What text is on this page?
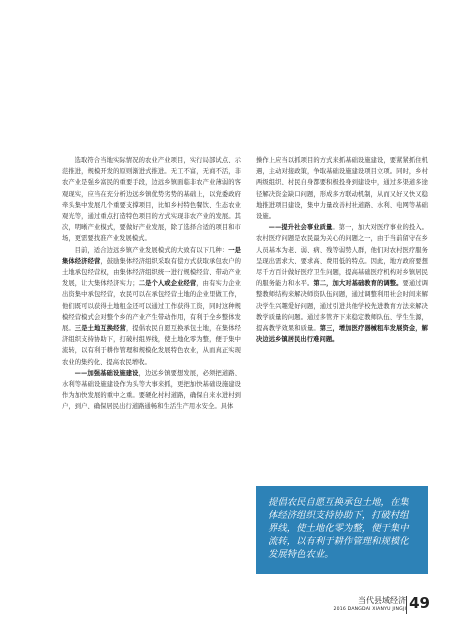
选取符合当地实际情况的农业产业项目，实行局部试点、示范推进，规模开发的原则渐进式推进。无工不富，无商不活，非农产业是强乡富民的重要手段，边远乡镇面临非农产业薄弱的客观现实，应当在充分析边远乡镇优势劣势的基础上，以党委政府牵头集中发展几个重要支撑项目，比如乡村特色餐饮、生态农业观光等，通过重点打造特色项目的方式实现非农产业的发展。其次，明晰产业模式，要做好产业发展，除了选择合适的项目和市场，更需要找准产业发展模式。

目前，适合边远乡镇产业发展模式的大致有以下几种：一是集体经济经营，鼓励集体经济组织采取有偿方式获取承包农户的土地承包经营权，由集体经济组织统一进行规模经营、带动产业发展，让大集体经济实力；二是个人或企业经营，由有实力企业出资集中承包经营，农民可以在承包经营土地的企业里做工作，他们既可以获得土地租金还可以通过工作获得工资，同时这种规模经营模式会对整个乡的产业产生带动作用，有利于全乡整体发展。三是土地互换经营，提倡农民自愿互换承包土地，在集体经济组织支持协助下，打破村组界线，使土地化零为整，便于集中流转，以有利于耕作管理和规模化发展特色农业，从而真正实现农业的集约化、提高农民增收。

——加强基础设施建设，边远乡镇要想发展，必须把道路、水利等基础设施建设作为头等大事来抓，更把加快基础设施建设作为加快发展的重中之重。要硬化村村道路，确保自来水进村到户，到户、确保居民出行道路通畅和生活生产用水安全。具体

操作上应当以抓项目的方式来抓基础设施建设，要紧紧抓住机遇，主动对接政策，争取基础设施建设项目立项。同时，乡村两级组织、村民自身都要积极投身到建设中，通过多渠道多途径解决资金缺口问题，形成多方联动机制，从而又好又快又稳地推进项目建设，集中力量改善村社道路、水利、电网等基础设施。

——提升社会事业质量。第一，加大对医疗事业的投入。农村医疗问题是农民最为关心的问题之一，由于当前留守在乡人员基本为老、弱、病、残等弱势人群，他们对农村医疗服务呈现出需求大、要求高、费用低的特点。因此，地方政府要想尽千方百计做好医疗卫生问题，提高基础医疗机构对乡镇居民的服务能力和水平。第二，加大对基础教育的调整。要通过调整教师结构来解决师资队伍问题，通过调整利用社会时间来解决学生兴趣爱好问题，通过引进共他学校先进教育方法来解决教学质量的问题。通过多管齐下来稳定教师队伍、学生生源，提高教学效果和质量。第三，增加医疗器械租车发展资金，解决边远乡镇居民出行难问题。

提倡农民自愿互换承包土地，在集体经济组织支持协助下，打破村组界线，使土地化零为整，便于集中流转，以有利于耕作管理和规模化发展特色农业。

当代县域经济
2016 DANGDAI XIANYU JINGJI 49
